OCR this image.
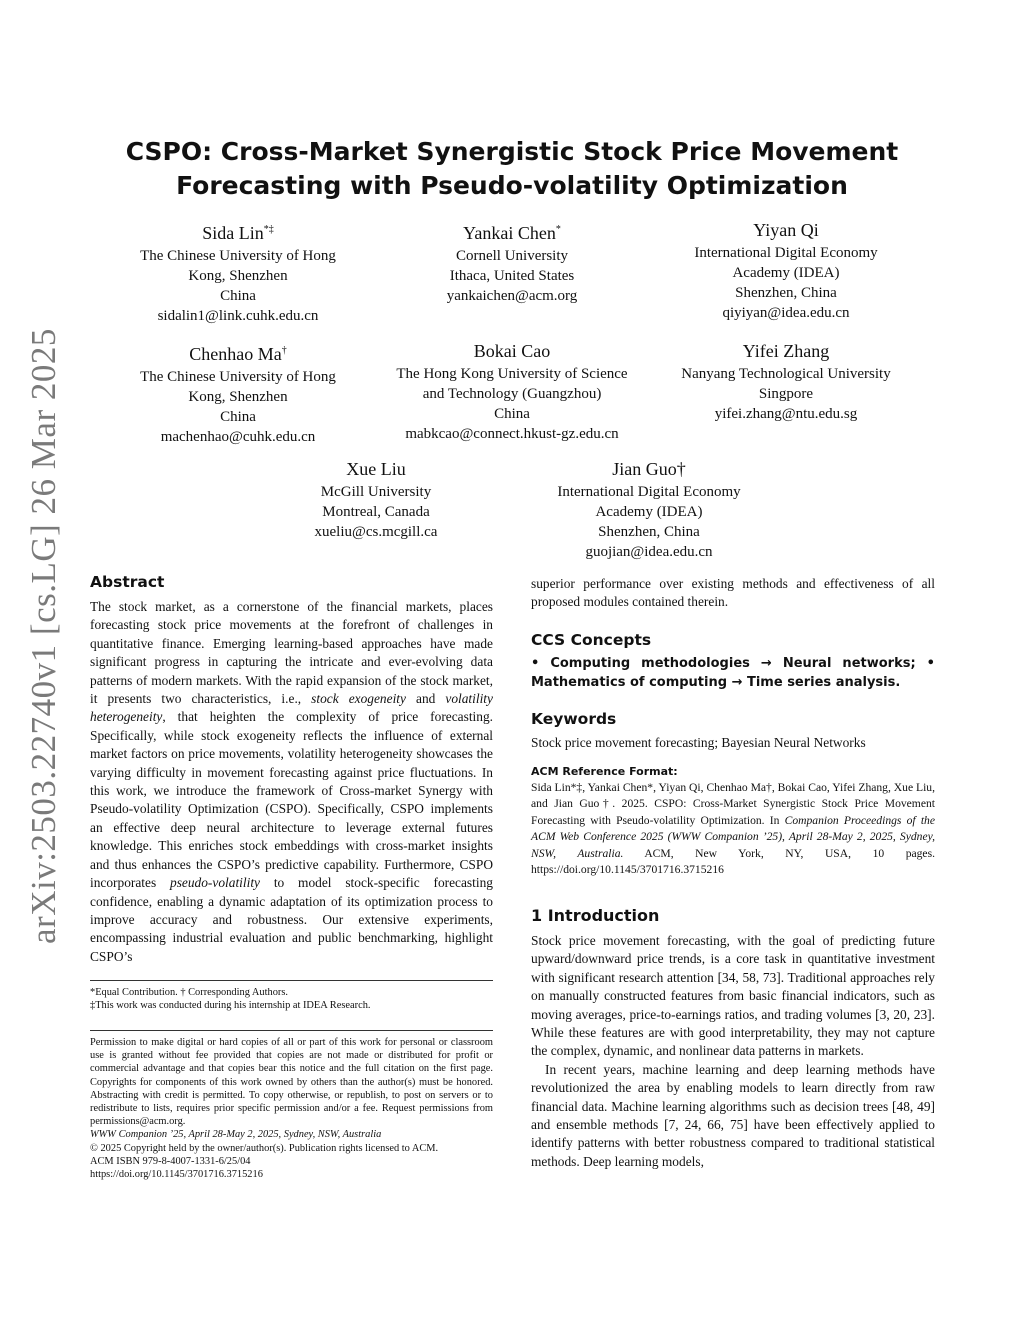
arXiv:2503.22740v1 [cs.LG] 26 Mar 2025
CSPO: Cross-Market Synergistic Stock Price Movement Forecasting with Pseudo-volatility Optimization
Sida Lin*‡
The Chinese University of Hong
Kong, Shenzhen
China
sidalin1@link.cuhk.edu.cn
Yankai Chen*
Cornell University
Ithaca, United States
yankaichen@acm.org
Yiyan Qi
International Digital Economy
Academy (IDEA)
Shenzhen, China
qiyiyan@idea.edu.cn
Chenhao Ma†
The Chinese University of Hong
Kong, Shenzhen
China
machenhao@cuhk.edu.cn
Bokai Cao
The Hong Kong University of Science
and Technology (Guangzhou)
China
mabkcao@connect.hkust-gz.edu.cn
Yifei Zhang
Nanyang Technological University
Singpore
yifei.zhang@ntu.edu.sg
Xue Liu
McGill University
Montreal, Canada
xueliu@cs.mcgill.ca
Jian Guo†
International Digital Economy
Academy (IDEA)
Shenzhen, China
guojian@idea.edu.cn
Abstract

The stock market, as a cornerstone of the financial markets, places forecasting stock price movements at the forefront of challenges in quantitative finance. Emerging learning-based approaches have made significant progress in capturing the intricate and ever-evolving data patterns of modern markets. With the rapid expansion of the stock market, it presents two characteristics, i.e., stock exogeneity and volatility heterogeneity, that heighten the complexity of price forecasting. Specifically, while stock exogeneity reflects the influence of external market factors on price movements, volatility heterogeneity showcases the varying difficulty in movement forecasting against price fluctuations. In this work, we introduce the framework of Cross-market Synergy with Pseudo-volatility Optimization (CSPO). Specifically, CSPO implements an effective deep neural architecture to leverage external futures knowledge. This enriches stock embeddings with cross-market insights and thus enhances the CSPO’s predictive capability. Furthermore, CSPO incorporates pseudo-volatility to model stock-specific forecasting confidence, enabling a dynamic adaptation of its optimization process to improve accuracy and robustness. Our extensive experiments, encompassing industrial evaluation and public benchmarking, highlight CSPO’s

*Equal Contribution. † Corresponding Authors.
‡This work was conducted during his internship at IDEA Research.
Permission to make digital or hard copies of all or part of this work for personal or classroom use is granted without fee provided that copies are not made or distributed for profit or commercial advantage and that copies bear this notice and the full citation on the first page. Copyrights for components of this work owned by others than the author(s) must be honored. Abstracting with credit is permitted. To copy otherwise, or republish, to post on servers or to redistribute to lists, requires prior specific permission and/or a fee. Request permissions from permissions@acm.org.
WWW Companion ’25, April 28-May 2, 2025, Sydney, NSW, Australia
© 2025 Copyright held by the owner/author(s). Publication rights licensed to ACM.
ACM ISBN 979-8-4007-1331-6/25/04
https://doi.org/10.1145/3701716.3715216
superior performance over existing methods and effectiveness of all proposed modules contained therein.
CCS Concepts
• Computing methodologies → Neural networks; • Mathematics of computing → Time series analysis.
Keywords
Stock price movement forecasting; Bayesian Neural Networks
ACM Reference Format:
Sida Lin*‡, Yankai Chen*, Yiyan Qi, Chenhao Ma†, Bokai Cao, Yifei Zhang, Xue Liu, and Jian Guo†. 2025. CSPO: Cross-Market Synergistic Stock Price Movement Forecasting with Pseudo-volatility Optimization. In Companion Proceedings of the ACM Web Conference 2025 (WWW Companion ’25), April 28-May 2, 2025, Sydney, NSW, Australia. ACM, New York, NY, USA, 10 pages. https://doi.org/10.1145/3701716.3715216
1 Introduction

Stock price movement forecasting, with the goal of predicting future upward/downward price trends, is a core task in quantitative investment with significant research attention [34, 58, 73]. Traditional approaches rely on manually constructed features from basic financial indicators, such as moving averages, price-to-earnings ratios, and trading volumes [3, 20, 23]. While these features are with good interpretability, they may not capture the complex, dynamic, and nonlinear data patterns in markets.

In recent years, machine learning and deep learning methods have revolutionized the area by enabling models to learn directly from raw financial data. Machine learning algorithms such as decision trees [48, 49] and ensemble methods [7, 24, 66, 75] have been effectively applied to identify patterns with better robustness compared to traditional statistical methods. Deep learning models,
